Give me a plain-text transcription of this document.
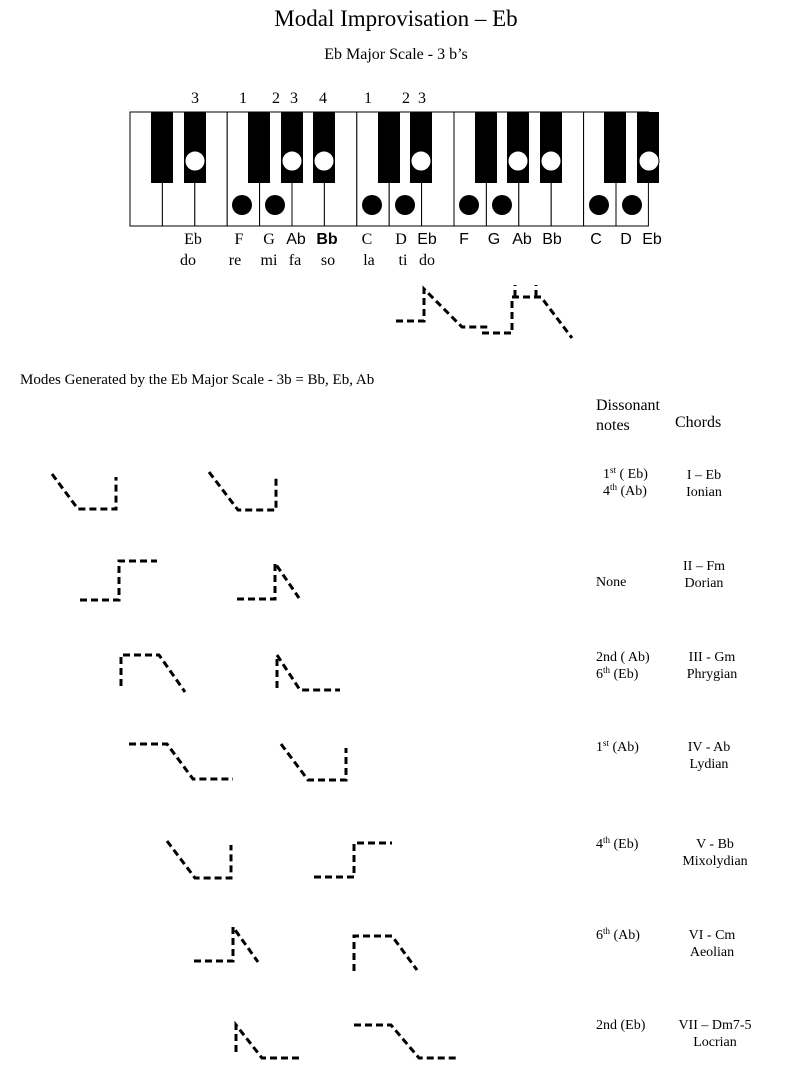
Modal Improvisation – Eb
Eb Major Scale - 3 b’s
3	1 2 3 4 1 2 3
Eb F G Ab Bb C D Eb F G Ab Bb C D Eb
do re mi fa so la ti do
Modes Generated by the Eb Major Scale - 3b = Bb, Eb, Ab
Dissonant notes	Chords
1st ( Eb)
4th (Ab)
None
2nd ( Ab)
6th (Eb)
1st (Ab)
4th (Eb)
6th (Ab)
2nd (Eb)
I – Eb
Ionian
II – Fm
Dorian
III - Gm
Phrygian
IV - Ab
Lydian
V - Bb
Mixolydian
VI - Cm
Aeolian
VII – Dm7-5
Locrian
